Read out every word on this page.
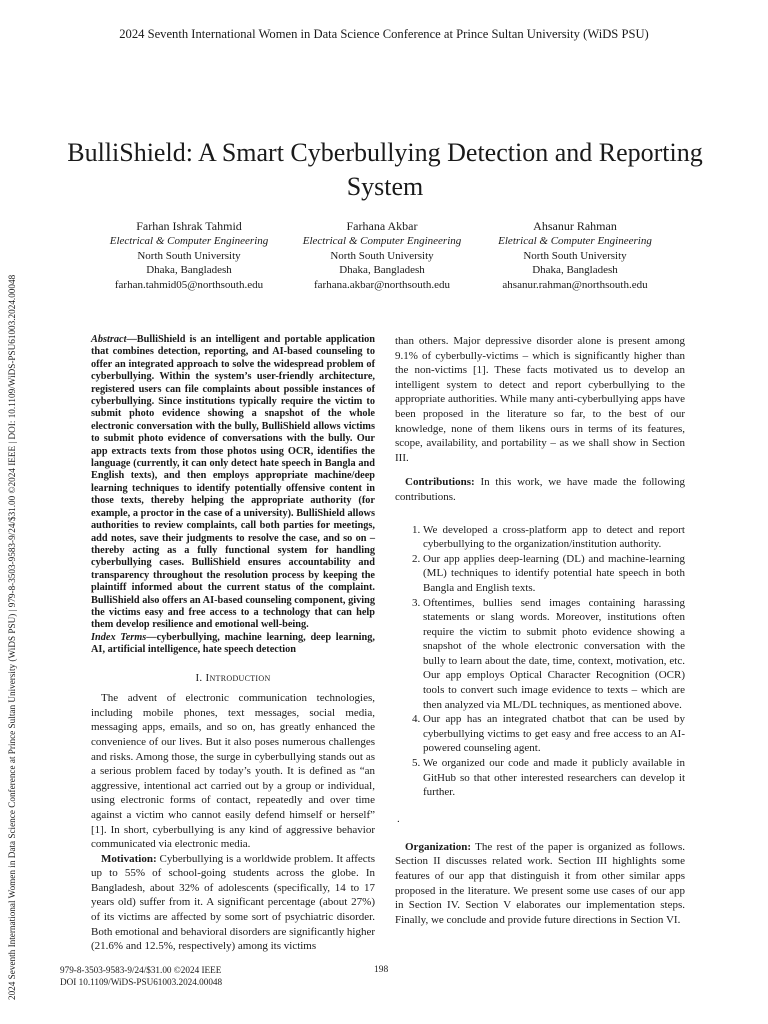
2024 Seventh International Women in Data Science Conference at Prince Sultan University (WiDS PSU)
2024 Seventh International Women in Data Science Conference at Prince Sultan University (WiDS PSU) | 979-8-3503-9583-9/24/$31.00 ©2024 IEEE | DOI: 10.1109/WiDS-PSU61003.2024.00048
BulliShield: A Smart Cyberbullying Detection and Reporting System
Farhan Ishrak Tahmid
Electrical & Computer Engineering
North South University
Dhaka, Bangladesh
farhan.tahmid05@northsouth.edu
Farhana Akbar
Electrical & Computer Engineering
North South University
Dhaka, Bangladesh
farhana.akbar@northsouth.edu
Ahsanur Rahman
Eletrical & Computer Engineering
North South University
Dhaka, Bangladesh
ahsanur.rahman@northsouth.edu

Abstract—BulliShield is an intelligent and portable application that combines detection, reporting, and AI-based counseling to offer an integrated approach to solve the widespread problem of cyberbullying. Within the system’s user-friendly architecture, registered users can file complaints about possible instances of cyberbullying. Since institutions typically require the victim to submit photo evidence showing a snapshot of the whole electronic conversation with the bully, BulliShield allows victims to submit photo evidence of conversations with the bully. Our app extracts texts from those photos using OCR, identifies the language (currently, it can only detect hate speech in Bangla and English texts), and then employs appropriate machine/deep learning techniques to identify potentially offensive content in those texts, thereby helping the appropriate authority (for example, a proctor in the case of a university). BulliShield allows authorities to review complaints, call both parties for meetings, add notes, save their judgments to resolve the case, and so on – thereby acting as a fully functional system for handling cyberbullying cases. BulliShield ensures accountability and transparency throughout the resolution process by keeping the plaintiff informed about the current status of the complaint. BulliShield also offers an AI-based counseling component, giving the victims easy and free access to a technology that can help them develop resilience and emotional well-being.

Index Terms—cyberbullying, machine learning, deep learning, AI, artificial intelligence, hate speech detection

I. Introduction

The advent of electronic communication technologies, including mobile phones, text messages, social media, messaging apps, emails, and so on, has greatly enhanced the convenience of our lives. But it also poses numerous challenges and risks. Among those, the surge in cyberbullying stands out as a serious problem faced by today’s youth. It is defined as “an aggressive, intentional act carried out by a group or individual, using electronic forms of contact, repeatedly and over time against a victim who cannot easily defend himself or herself” [1]. In short, cyberbullying is any kind of aggressive behavior communicated via electronic media.

Motivation: Cyberbullying is a worldwide problem. It affects up to 55% of school-going students across the globe. In Bangladesh, about 32% of adolescents (specifically, 14 to 17 years old) suffer from it. A significant percentage (about 27%) of its victims are affected by some sort of psychiatric disorder. Both emotional and behavioral disorders are significantly higher (21.6% and 12.5%, respectively) among its victims

than others. Major depressive disorder alone is present among 9.1% of cyberbully-victims – which is significantly higher than the non-victims [1]. These facts motivated us to develop an intelligent system to detect and report cyberbullying to the appropriate authorities. While many anti-cyberbullying apps have been proposed in the literature so far, to the best of our knowledge, none of them likens ours in terms of its features, scope, availability, and portability – as we shall show in Section III.

Contributions: In this work, we have made the following contributions.

1. We developed a cross-platform app to detect and report cyberbullying to the organization/institution authority.
2. Our app applies deep-learning (DL) and machine-learning (ML) techniques to identify potential hate speech in both Bangla and English texts.
3. Oftentimes, bullies send images containing harassing statements or slang words. Moreover, institutions often require the victim to submit photo evidence showing a snapshot of the whole electronic conversation with the bully to learn about the date, time, context, motivation, etc. Our app employs Optical Character Recognition (OCR) tools to convert such image evidence to texts – which are then analyzed via ML/DL techniques, as mentioned above.
4. Our app has an integrated chatbot that can be used by cyberbullying victims to get easy and free access to an AI-powered counseling agent.
5. We organized our code and made it publicly available in GitHub so that other interested researchers can develop it further.
.

Organization: The rest of the paper is organized as follows. Section II discusses related work. Section III highlights some features of our app that distinguish it from other similar apps proposed in the literature. We present some use cases of our app in Section IV. Section V elaborates our implementation steps. Finally, we conclude and provide future directions in Section VI.

979-8-3503-9583-9/24/$31.00 ©2024 IEEE
DOI 10.1109/WiDS-PSU61003.2024.00048
198
